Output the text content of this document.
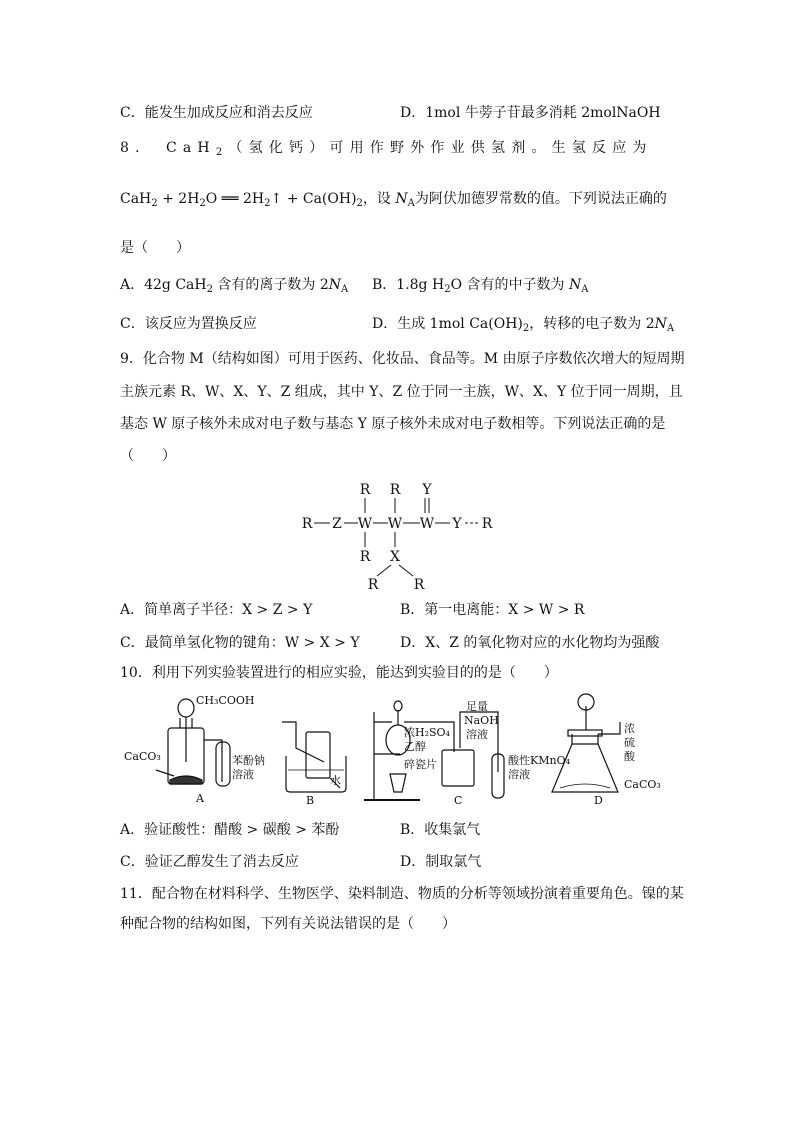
C．能发生加成反应和消去反应	D．1mol 牛蒡子苷最多消耗 2molNaOH
8． CaH$_2$（氢化钙）可用作野外作业供氢剂。生氢反应为
$CaH_2 + 2H_2O$ ══ $2H_2↑ + Ca(OH)_2$，设 $N_A$为阿伏加德罗常数的值。下列说法正确的
是（　　）
A．42g CaH$_2$ 含有的离子数为 $2N_A$ B．1.8g $H_2O$ 含有的中子数为 $N_A$
C．该反应为置换反应	D．生成 1mol $Ca(OH)_2$，转移的电子数为 $2N_A$
9．化合物 M（结构如图）可用于医药、化妆品、食品等。M 由原子序数依次增大的短周期
主族元素 R、W、X、Y、Z 组成，其中 Y、Z 位于同一主族，W、X、Y 位于同一周期，且
基态 W 原子核外未成对电子数与基态 Y 原子核外未成对电子数相等。下列说法正确的是
（　　）
R R Y
R Z W W W Y R
R X
R	R
A．简单离子半径：X > Z > Y	B．第一电离能：X > W > R
C．最简单氢化物的键角：W > X > Y	D．X、Z 的氧化物对应的水化物均为强酸
10．利用下列实验装置进行的相应实验，能达到实验目的的是（　　）
CH₃COOH
CaCO₃	苯酚钠
溶液
A
水
B
浓H₂SO₄
乙醇
碎瓷片
足量
NaOH
溶液
酸性KMnO₄
溶液
C
浓
硫
酸
CaCO₃
D
A．验证酸性：醋酸 > 碳酸 > 苯酚	B．收集氯气
C．验证乙醇发生了消去反应	D．制取氯气
11．配合物在材料科学、生物医学、染料制造、物质的分析等领域扮演着重要角色。镍的某
种配合物的结构如图，下列有关说法错误的是（　　）
